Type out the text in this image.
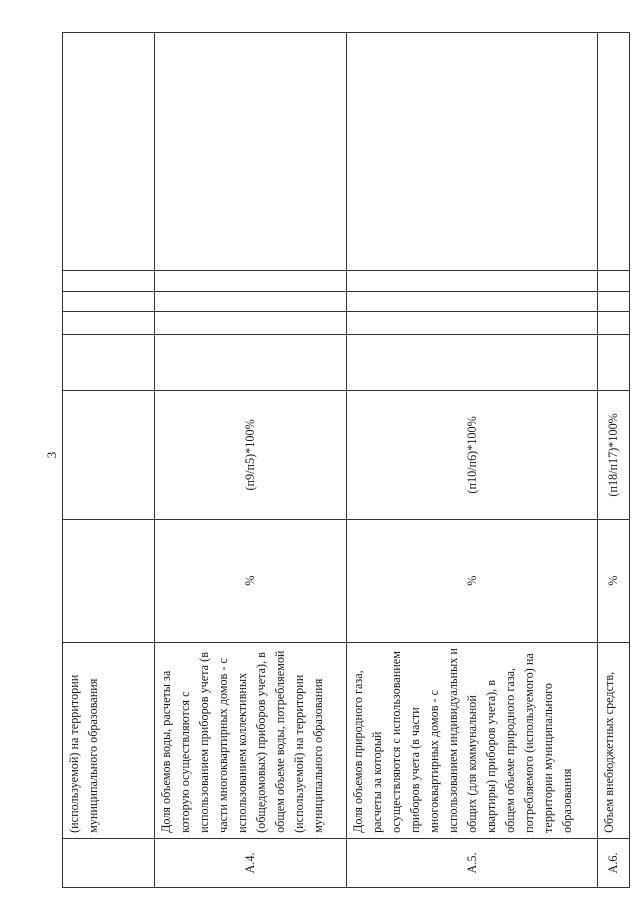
3

	(используемой) на территории муниципального образования							

А.4.	Доля объемов воды, расчеты за которую осуществляются с использованием приборов учета (в части многоквартирных домов - с использованием коллективных (общедомовых) приборов учета), в общем объеме воды, потребляемой (используемой) на территории муниципального образования	%	(п9/п5)*100%					
А.5.	Доля объемов природного газа, расчеты за который осуществляются с использованием приборов учета (в части многоквартирных домов - с использованием индивидуальных и общих (для коммунальной квартиры) приборов учета), в общем объеме природного газа, потребляемого (используемого) на территории муниципального образования	%	(п10/п6)*100%					
А.6.	Объем внебюджетных средств,	%	(п18/п17)*100%					
